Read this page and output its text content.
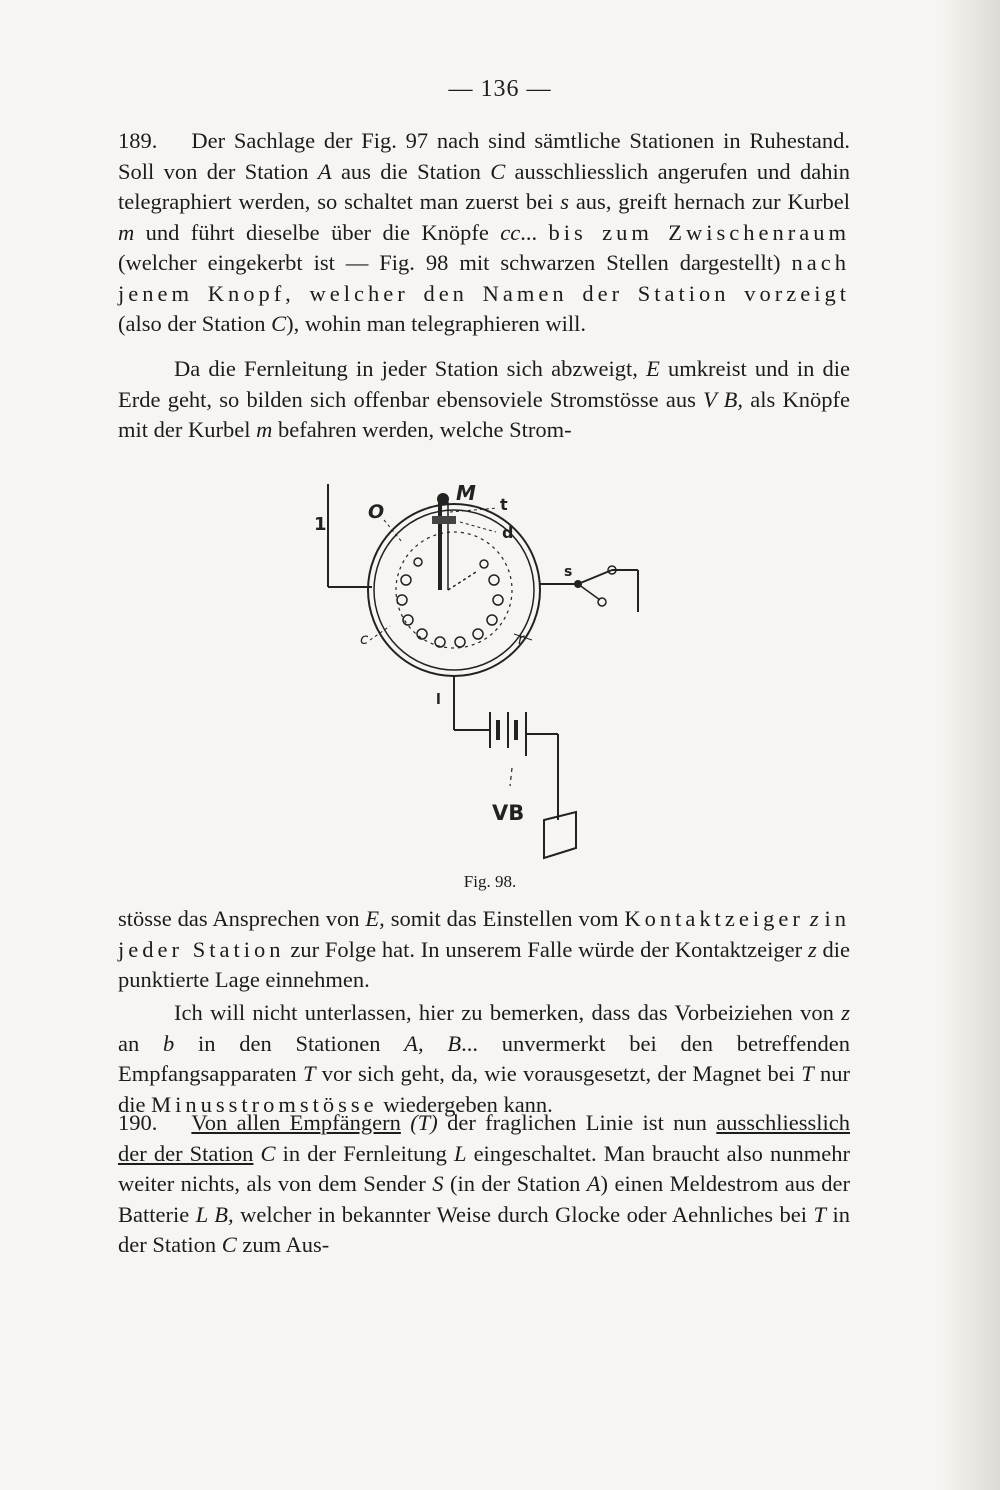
— 136 —

189. Der Sachlage der Fig. 97 nach sind sämtliche Stationen in Ruhestand. Soll von der Station A aus die Station C ausschliesslich angerufen und dahin telegraphiert werden, so schaltet man zuerst bei s aus, greift hernach zur Kurbel m und führt dieselbe über die Knöpfe cc... bis zum Zwischenraum (welcher eingekerbt ist — Fig. 98 mit schwarzen Stellen dargestellt) nach jenem Knopf, welcher den Namen der Station vorzeigt (also der Station C), wohin man telegraphieren will.

Da die Fernleitung in jeder Station sich abzweigt, E umkreist und in die Erde geht, so bilden sich offenbar ebensoviele Stromstösse aus V B, als Knöpfe mit der Kurbel m befahren werden, welche Strom-

1
O
M t
d
s
c	r
l
VB
Fig. 98.

stösse das Ansprechen von E, somit das Einstellen vom Kontaktzeiger z in jeder Station zur Folge hat. In unserem Falle würde der Kontaktzeiger z die punktierte Lage einnehmen.

Ich will nicht unterlassen, hier zu bemerken, dass das Vorbeiziehen von z an b in den Stationen A, B... unvermerkt bei den betreffenden Empfangsapparaten T vor sich geht, da, wie vorausgesetzt, der Magnet bei T nur die Minusstromstösse wiedergeben kann.

190. Von allen Empfängern (T) der fraglichen Linie ist nun ausschliesslich der der Station C in der Fernleitung L eingeschaltet. Man braucht also nunmehr weiter nichts, als von dem Sender S (in der Station A) einen Meldestrom aus der Batterie L B, welcher in bekannter Weise durch Glocke oder Aehnliches bei T in der Station C zum Aus-
